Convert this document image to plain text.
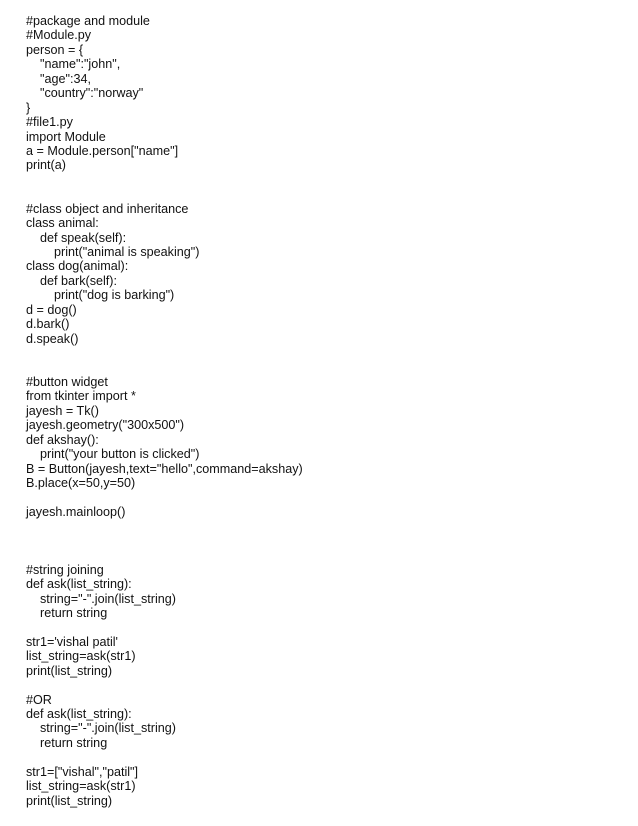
#package and module
#Module.py
person = {
"name":"john",
"age":34,
"country":"norway"
}
#file1.py
import Module
a = Module.person["name"]
print(a)
#class object and inheritance
class animal:
def speak(self):
print("animal is speaking")
class dog(animal):
def bark(self):
print("dog is barking")
d = dog()
d.bark()
d.speak()
#button widget
from tkinter import *
jayesh = Tk()
jayesh.geometry("300x500")
def akshay():
print("your button is clicked")
B = Button(jayesh,text="hello",command=akshay)
B.place(x=50,y=50)
jayesh.mainloop()
#string joining
def ask(list_string):
string="-".join(list_string)
return string
str1='vishal patil'
list_string=ask(str1)
print(list_string)
#OR
def ask(list_string):
string="-".join(list_string)
return string
str1=["vishal","patil"]
list_string=ask(str1)
print(list_string)
